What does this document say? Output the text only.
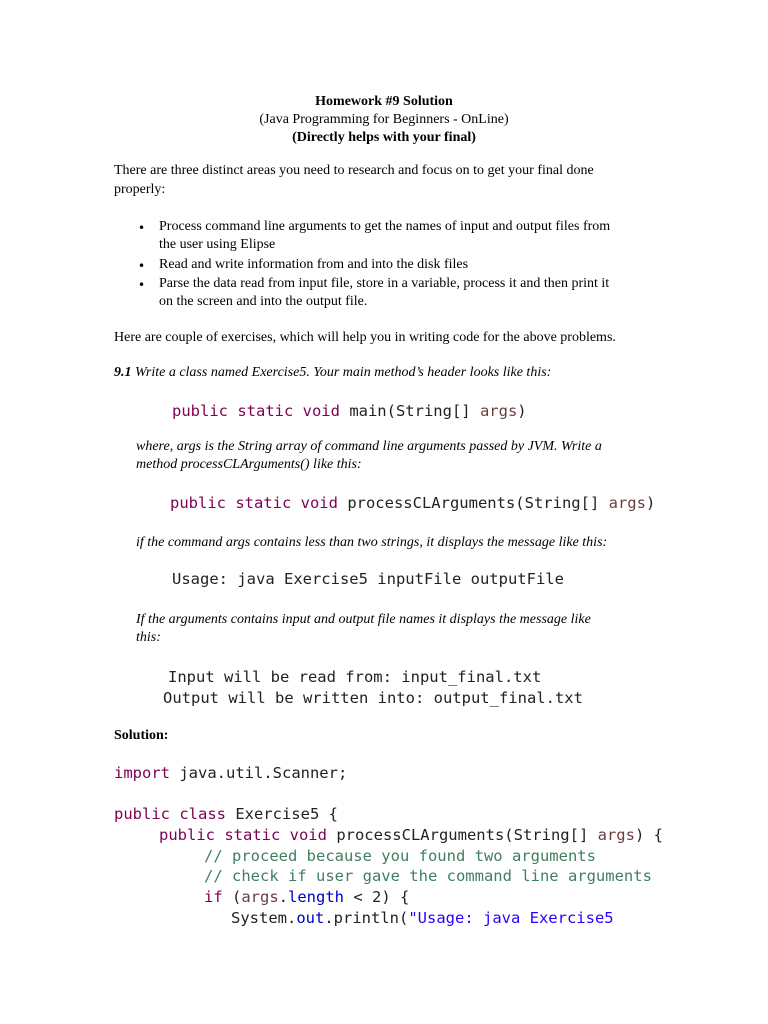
Homework #9 Solution
(Java Programming for Beginners - OnLine)
(Directly helps with your final)
There are three distinct areas you need to research and focus on to get your final done
properly:
• Process command line arguments to get the names of input and output files from
the user using Elipse
• Read and write information from and into the disk files
• Parse the data read from input file, store in a variable, process it and then print it
on the screen and into the output file.
Here are couple of exercises, which will help you in writing code for the above problems.
9.1 Write a class named Exercise5. Your main method’s header looks like this:
public static void main(String[] args)
where, args is the String array of command line arguments passed by JVM. Write a
method processCLArguments() like this:
public static void processCLArguments(String[] args)
if the command args contains less than two strings, it displays the message like this:
Usage: java Exercise5 inputFile outputFile
If the arguments contains input and output file names it displays the message like
this:
Input will be read from: input_final.txt
Output will be written into: output_final.txt
Solution:
import java.util.Scanner;
public class Exercise5 {
public static void processCLArguments(String[] args) {
// proceed because you found two arguments
// check if user gave the command line arguments
if (args.length < 2) {
System.out.println("Usage: java Exercise5
